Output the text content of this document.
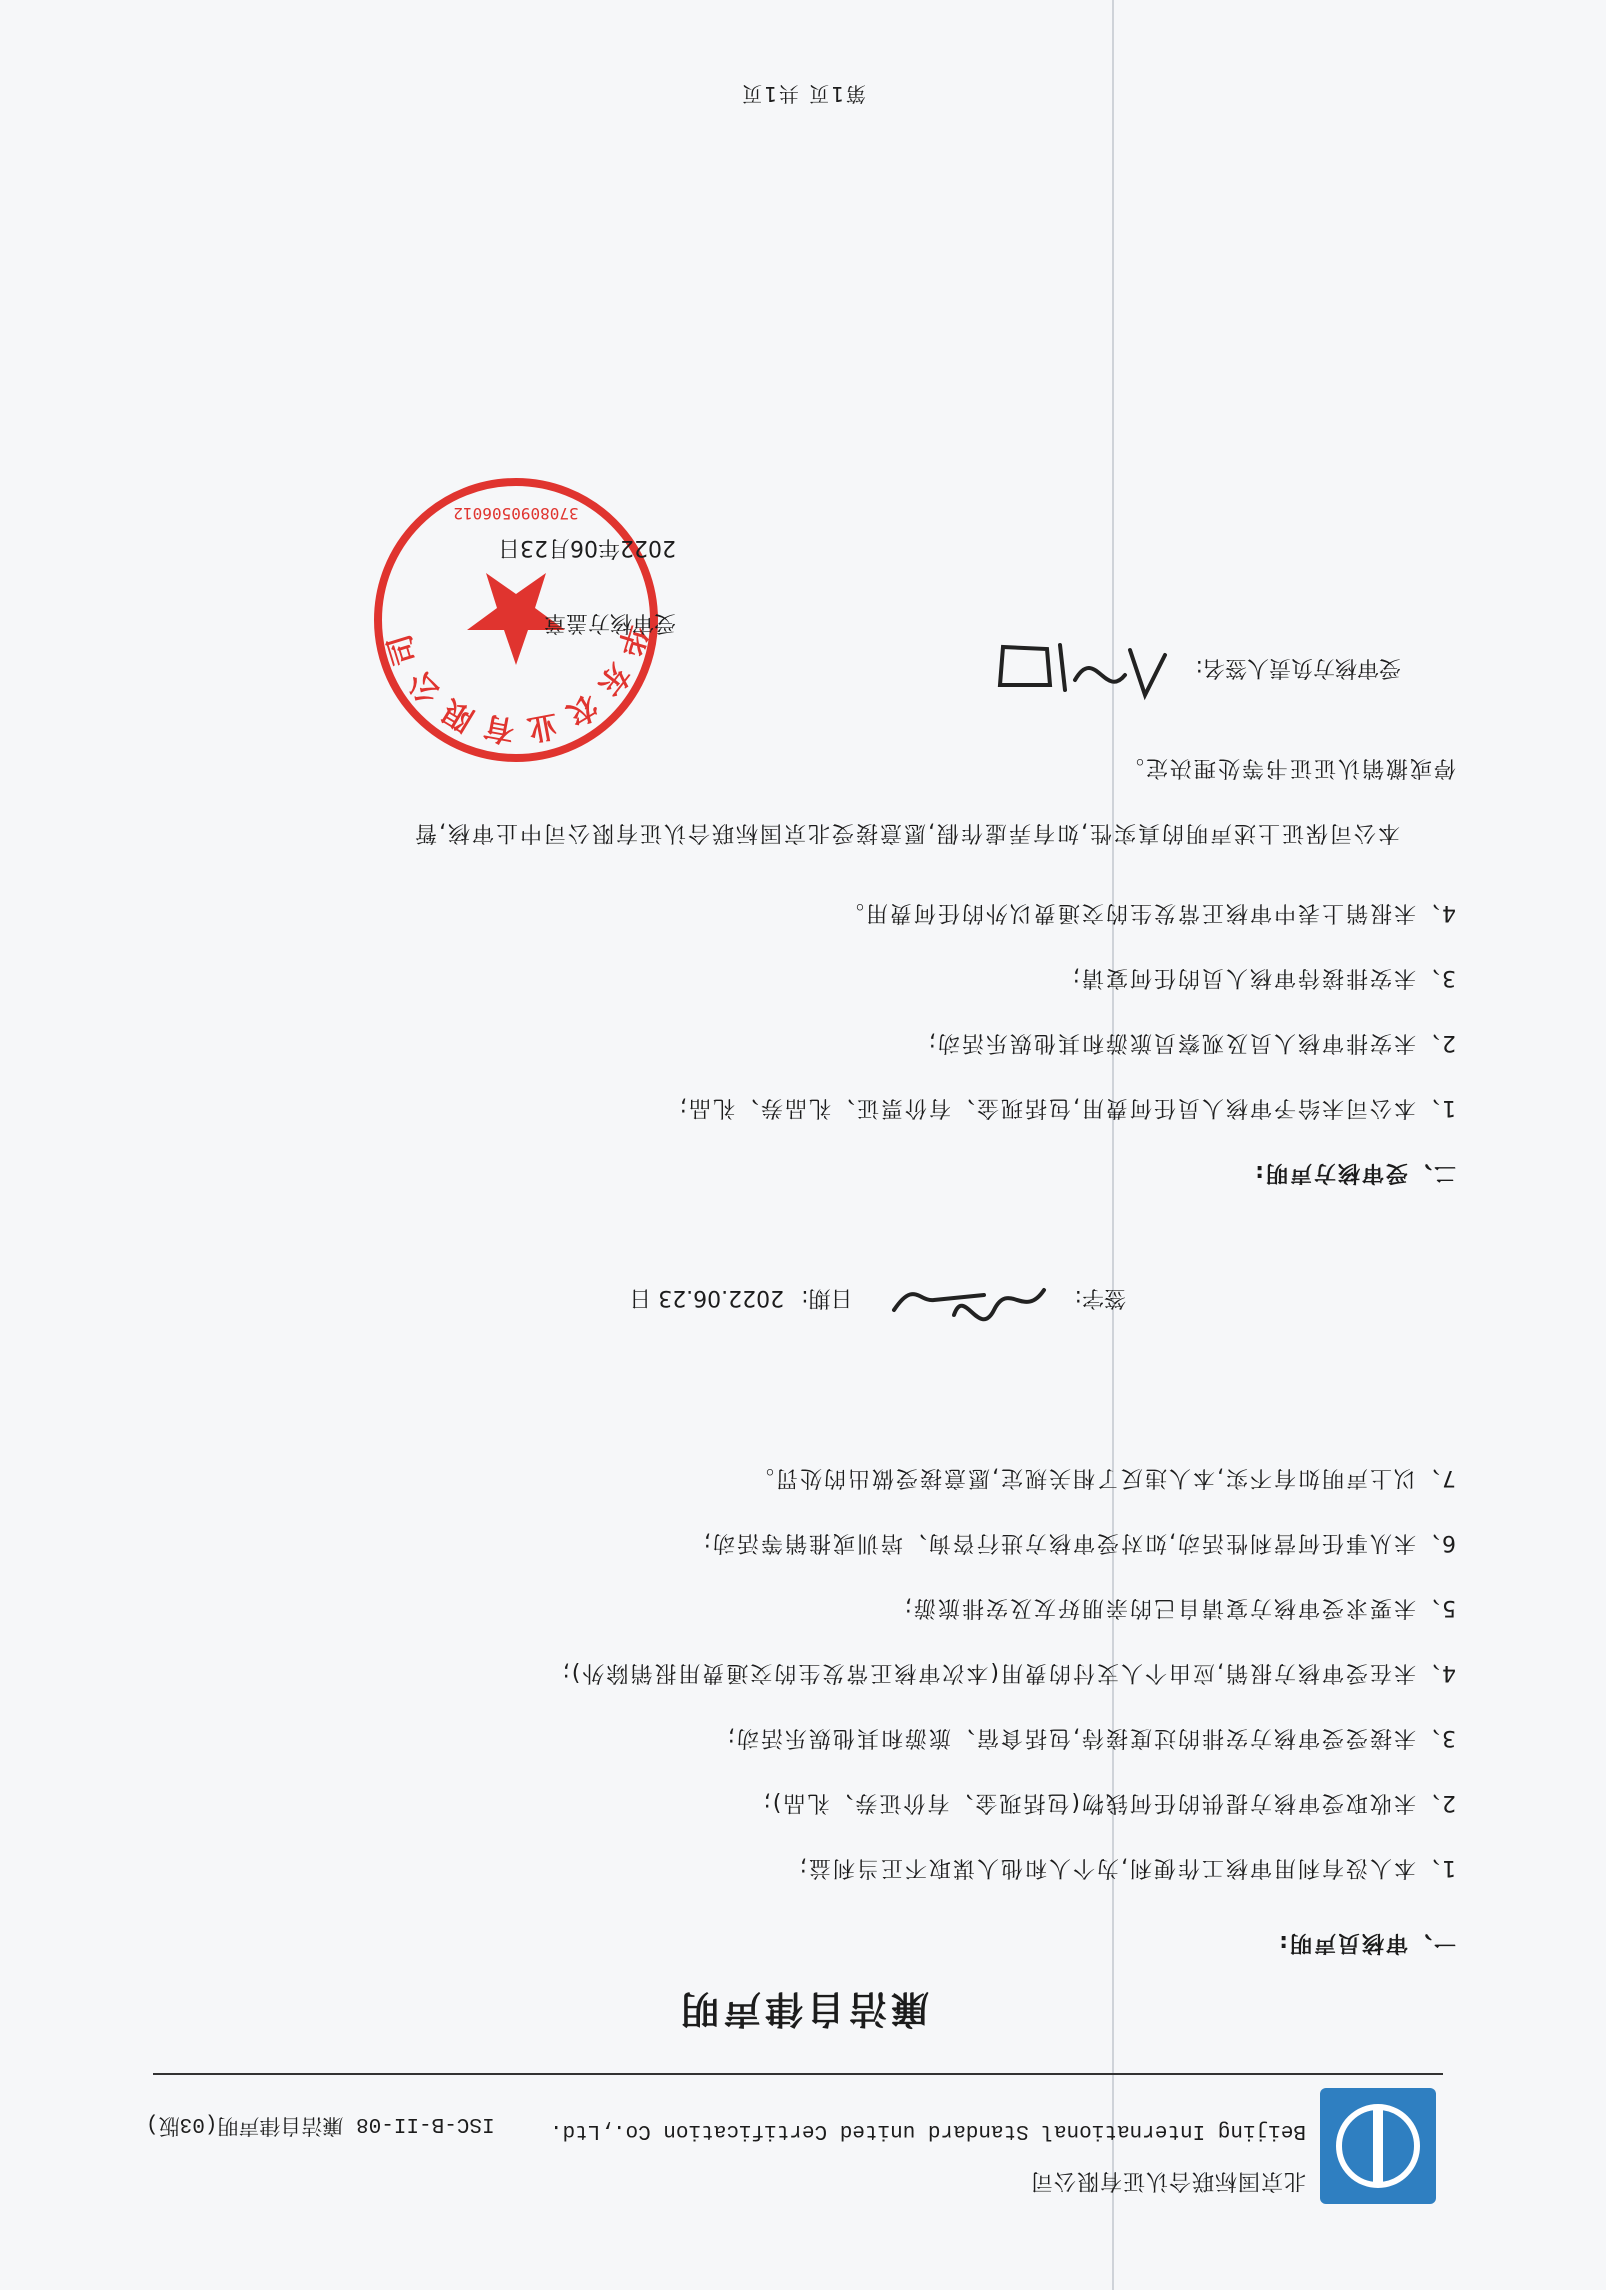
北京国标联合认证有限公司
Beijing International Standard united Certification Co.,Ltd.
ISC-B-II-08 廉洁自律声明(03版)
廉洁自律声明
一、审核员声明:
1、本人没有利用审核工作便利,为个人和他人谋取不正当利益;
2、未收取受审核方提供的任何钱物(包括现金、有价证券、礼品);
3、未接受受审核方安排的过度接待,包括食宿、旅游和其他娱乐活动;
4、未在受审核方报销,应由个人支付的费用(本次审核正常发生的交通费用报销除外);
5、未要求受审核方宴请自己的亲朋好友及安排旅游;
6、未从事任何营利性活动,如对受审核方进行咨询、培训或推销等活动;
7、以上声明如有不实,本人违反了相关规定,愿意接受做出的处罚。
签字:  日期: 2022.06.23 日
二、受审核方声明:
1、本公司未给予审核人员任何费用,包括现金、有价票证、礼品券、礼品;
2、未安排审核人员及观察员旅游和其他娱乐活动;
3、未安排接待审核人员的任何宴请;
4、未报销上表中审核正常发生的交通费以外的任何费用。
本公司保证上述声明的真实性,如有弄虚作假,愿意接受北京国标联合认证有限公司中止审核,暂
停或撤销认证证书等处理决定。
受审核方负责人签名:
华东农业有限公司
3708090506012
受审核方盖章
2022年06月23日
第1页 共1页
